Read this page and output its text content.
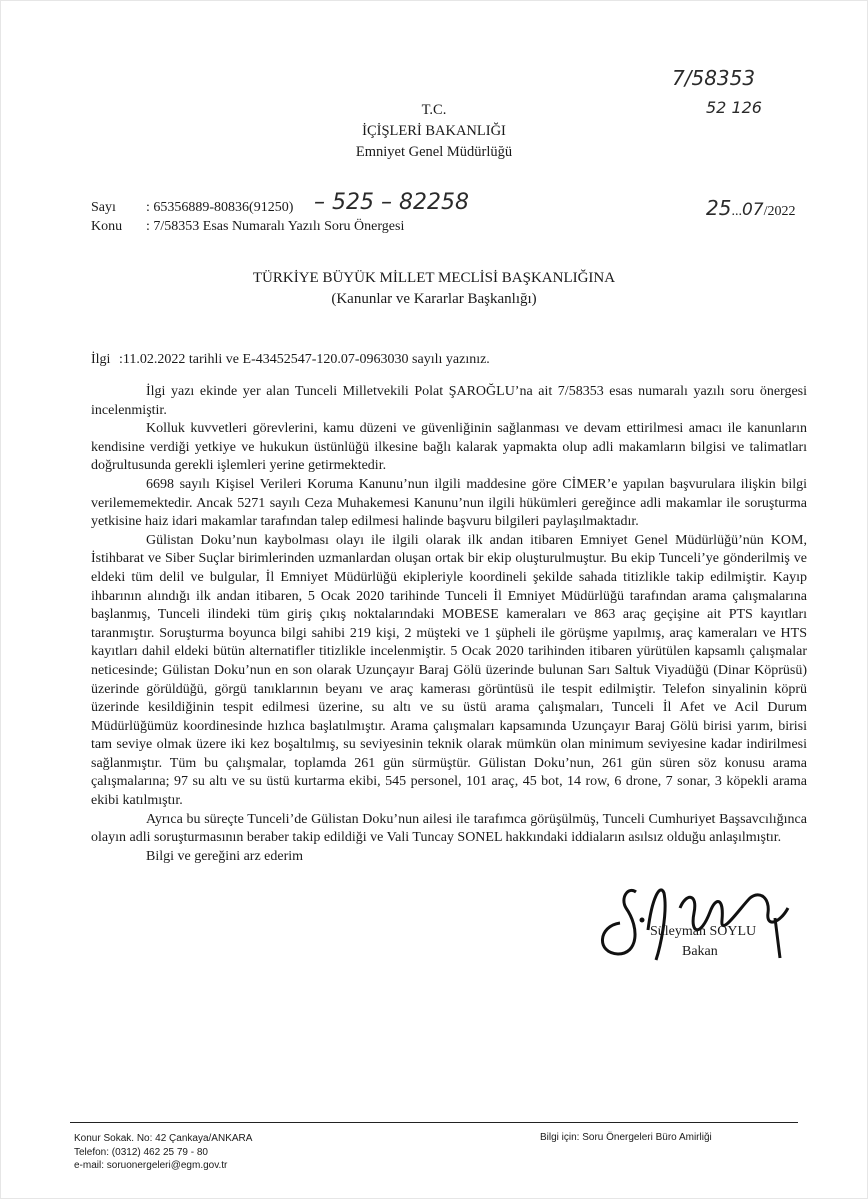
7/58353
52 126
T.C.
İÇİŞLERİ BAKANLIĞI
Emniyet Genel Müdürlüğü
Sayı : 65356889-80836(91250) – 525 – 82258
Konu : 7/58353 Esas Numaralı Yazılı Soru Önergesi
25...07/2022
TÜRKİYE BÜYÜK MİLLET MECLİSİ BAŞKANLIĞINA
(Kanunlar ve Kararlar Başkanlığı)
İlgi :11.02.2022 tarihli ve E-43452547-120.07-0963030 sayılı yazınız.

İlgi yazı ekinde yer alan Tunceli Milletvekili Polat ŞAROĞLU’na ait 7/58353 esas numaralı yazılı soru önergesi incelenmiştir.

Kolluk kuvvetleri görevlerini, kamu düzeni ve güvenliğinin sağlanması ve devam ettirilmesi amacı ile kanunların kendisine verdiği yetkiye ve hukukun üstünlüğü ilkesine bağlı kalarak yapmakta olup adli makamların bilgisi ve talimatları doğrultusunda gerekli işlemleri yerine getirmektedir.

6698 sayılı Kişisel Verileri Koruma Kanunu’nun ilgili maddesine göre CİMER’e yapılan başvurulara ilişkin bilgi verilememektedir. Ancak 5271 sayılı Ceza Muhakemesi Kanunu’nun ilgili hükümleri gereğince adli makamlar ile soruşturma yetkisine haiz idari makamlar tarafından talep edilmesi halinde başvuru bilgileri paylaşılmaktadır.

Gülistan Doku’nun kaybolması olayı ile ilgili olarak ilk andan itibaren Emniyet Genel Müdürlüğü’nün KOM, İstihbarat ve Siber Suçlar birimlerinden uzmanlardan oluşan ortak bir ekip oluşturulmuştur. Bu ekip Tunceli’ye gönderilmiş ve eldeki tüm delil ve bulgular, İl Emniyet Müdürlüğü ekipleriyle koordineli şekilde sahada titizlikle takip edilmiştir. Kayıp ihbarının alındığı ilk andan itibaren, 5 Ocak 2020 tarihinde Tunceli İl Emniyet Müdürlüğü tarafından arama çalışmalarına başlanmış, Tunceli ilindeki tüm giriş çıkış noktalarındaki MOBESE kameraları ve 863 araç geçişine ait PTS kayıtları taranmıştır. Soruşturma boyunca bilgi sahibi 219 kişi, 2 müşteki ve 1 şüpheli ile görüşme yapılmış, araç kameraları ve HTS kayıtları dahil eldeki bütün alternatifler titizlikle incelenmiştir. 5 Ocak 2020 tarihinden itibaren yürütülen kapsamlı çalışmalar neticesinde; Gülistan Doku’nun en son olarak Uzunçayır Baraj Gölü üzerinde bulunan Sarı Saltuk Viyadüğü (Dinar Köprüsü) üzerinde görüldüğü, görgü tanıklarının beyanı ve araç kamerası görüntüsü ile tespit edilmiştir. Telefon sinyalinin köprü üzerinde kesildiğinin tespit edilmesi üzerine, su altı ve su üstü arama çalışmaları, Tunceli İl Afet ve Acil Durum Müdürlüğümüz koordinesinde hızlıca başlatılmıştır. Arama çalışmaları kapsamında Uzunçayır Baraj Gölü birisi yarım, birisi tam seviye olmak üzere iki kez boşaltılmış, su seviyesinin teknik olarak mümkün olan minimum seviyesine kadar indirilmesi sağlanmıştır. Tüm bu çalışmalar, toplamda 261 gün sürmüştür. Gülistan Doku’nun, 261 gün süren söz konusu arama çalışmalarına; 97 su altı ve su üstü kurtarma ekibi, 545 personel, 101 araç, 45 bot, 14 row, 6 drone, 7 sonar, 3 köpekli arama ekibi katılmıştır.

Ayrıca bu süreçte Tunceli’de Gülistan Doku’nun ailesi ile tarafımca görüşülmüş, Tunceli Cumhuriyet Başsavcılığınca olayın adli soruşturmasının beraber takip edildiği ve Vali Tuncay SONEL hakkındaki iddiaların asılsız olduğu anlaşılmıştır.

Bilgi ve gereğini arz ederim

Süleyman SOYLU
Bakan
Konur Sokak. No: 42 Çankaya/ANKARA
Telefon: (0312) 462 25 79 - 80
e-mail: soruonergeleri@egm.gov.tr
Bilgi için: Soru Önergeleri Büro Amirliği
